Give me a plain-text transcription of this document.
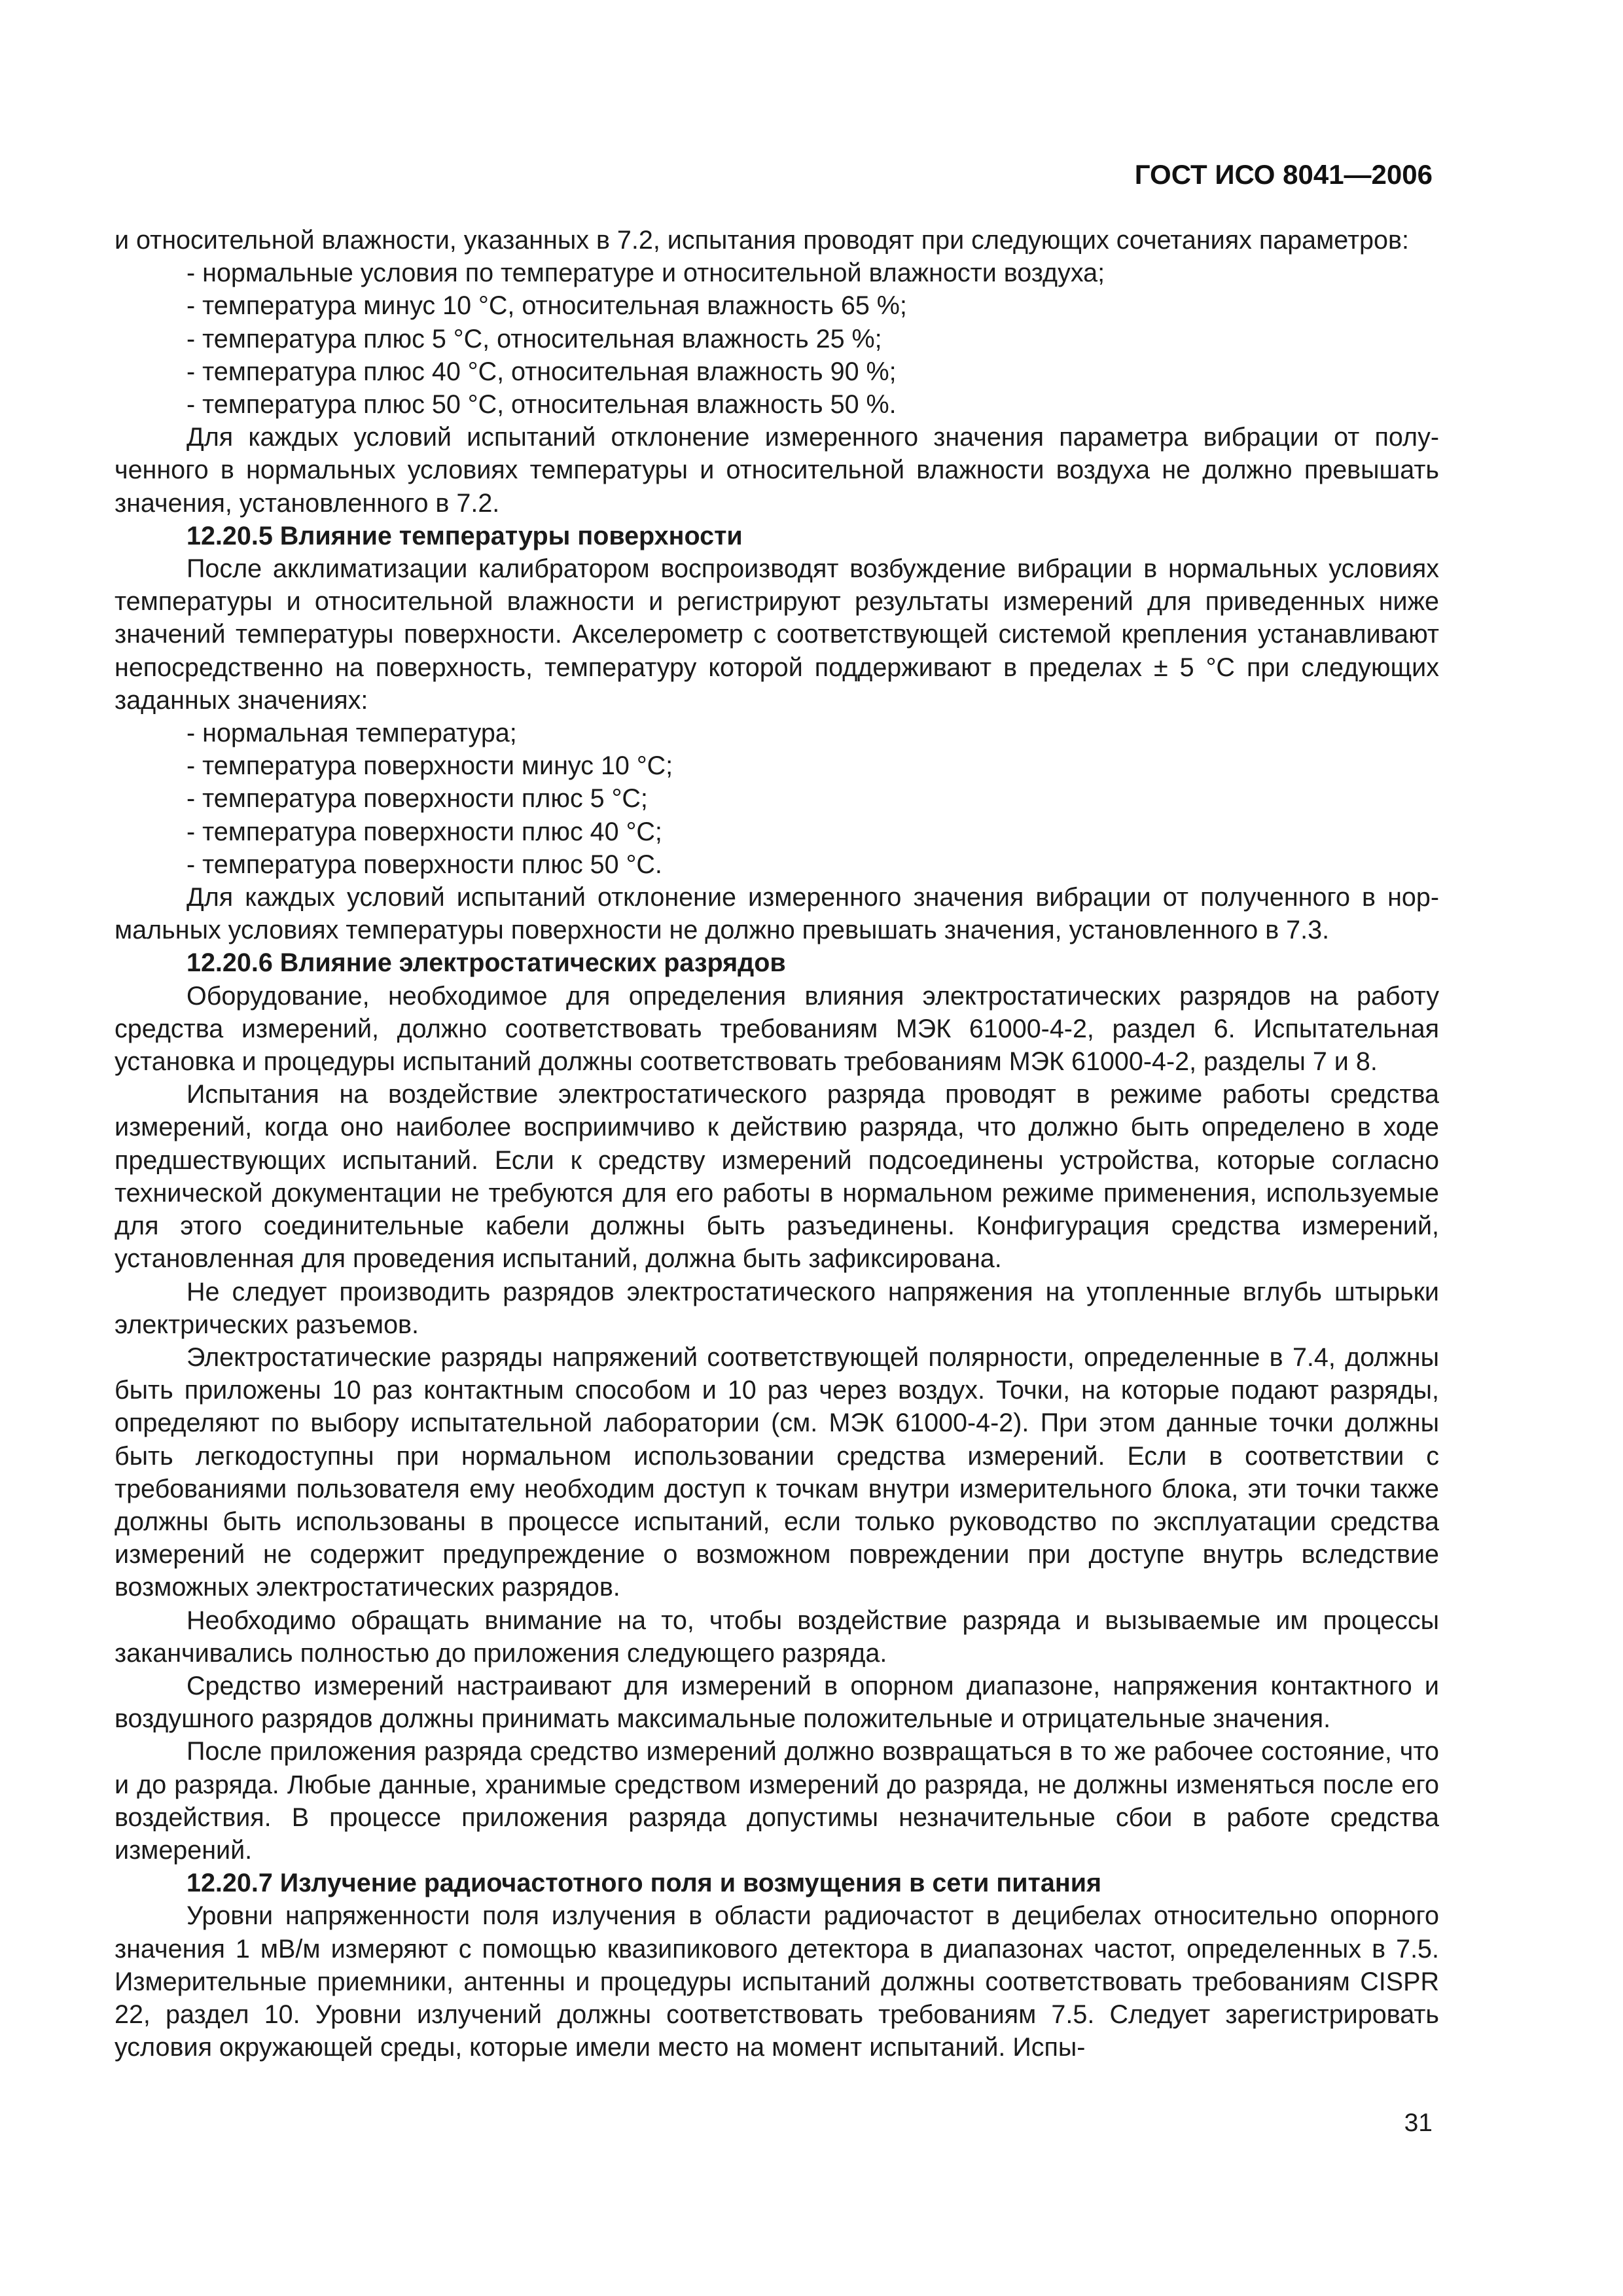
ГОСТ ИСО 8041—2006

и относительной влажности, указанных в 7.2, испытания проводят при следующих сочетаниях параметров:

- нормальные условия по температуре и относительной влажности воздуха;

- температура минус 10 °С, относительная влажность 65 %;

- температура плюс 5 °С, относительная влажность 25 %;

- температура плюс 40 °С, относительная влажность 90 %;

- температура плюс 50 °С, относительная влажность 50 %.

Для каждых условий испытаний отклонение измеренного значения параметра вибрации от полученного в нормальных условиях температуры и относительной влажности воздуха не должно превышать значения, установленного в 7.2.

12.20.5 Влияние температуры поверхности

После акклиматизации калибратором воспроизводят возбуждение вибрации в нормальных условиях температуры и относительной влажности и регистрируют результаты измерений для приведенных ниже значений температуры поверхности. Акселерометр с соответствующей системой крепления устанавливают непосредственно на поверхность, температуру которой поддерживают в пределах ± 5 °С при следующих заданных значениях:

- нормальная температура;

- температура поверхности минус 10 °С;

- температура поверхности плюс 5 °С;

- температура поверхности плюс 40 °С;

- температура поверхности плюс 50 °С.

Для каждых условий испытаний отклонение измеренного значения вибрации от полученного в нормальных условиях температуры поверхности не должно превышать значения, установленного в 7.3.

12.20.6 Влияние электростатических разрядов

Оборудование, необходимое для определения влияния электростатических разрядов на работу средства измерений, должно соответствовать требованиям МЭК 61000-4-2, раздел 6. Испытательная установка и процедуры испытаний должны соответствовать требованиям МЭК 61000-4-2, разделы 7 и 8.

Испытания на воздействие электростатического разряда проводят в режиме работы средства измерений, когда оно наиболее восприимчиво к действию разряда, что должно быть определено в ходе предшествующих испытаний. Если к средству измерений подсоединены устройства, которые согласно технической документации не требуются для его работы в нормальном режиме применения, используемые для этого соединительные кабели должны быть разъединены. Конфигурация средства измерений, установленная для проведения испытаний, должна быть зафиксирована.

Не следует производить разрядов электростатического напряжения на утопленные вглубь штырьки электрических разъемов.

Электростатические разряды напряжений соответствующей полярности, определенные в 7.4, должны быть приложены 10 раз контактным способом и 10 раз через воздух. Точки, на которые подают разряды, определяют по выбору испытательной лаборатории (см. МЭК 61000-4-2). При этом данные точки должны быть легкодоступны при нормальном использовании средства измерений. Если в соответствии с требованиями пользователя ему необходим доступ к точкам внутри измерительного блока, эти точки также должны быть использованы в процессе испытаний, если только руководство по эксплуатации средства измерений не содержит предупреждение о возможном повреждении при доступе внутрь вследствие возможных электростатических разрядов.

Необходимо обращать внимание на то, чтобы воздействие разряда и вызываемые им процессы заканчивались полностью до приложения следующего разряда.

Средство измерений настраивают для измерений в опорном диапазоне, напряжения контактного и воздушного разрядов должны принимать максимальные положительные и отрицательные значения.

После приложения разряда средство измерений должно возвращаться в то же рабочее состояние, что и до разряда. Любые данные, хранимые средством измерений до разряда, не должны изменяться после его воздействия. В процессе приложения разряда допустимы незначительные сбои в работе средства измерений.

12.20.7 Излучение радиочастотного поля и возмущения в сети питания

Уровни напряженности поля излучения в области радиочастот в децибелах относительно опорного значения 1 мВ/м измеряют с помощью квазипикового детектора в диапазонах частот, определенных в 7.5. Измерительные приемники, антенны и процедуры испытаний должны соответствовать требованиям CISPR 22, раздел 10. Уровни излучений должны соответствовать требованиям 7.5. Следует зарегистрировать условия окружающей среды, которые имели место на момент испытаний. Испы-

31
